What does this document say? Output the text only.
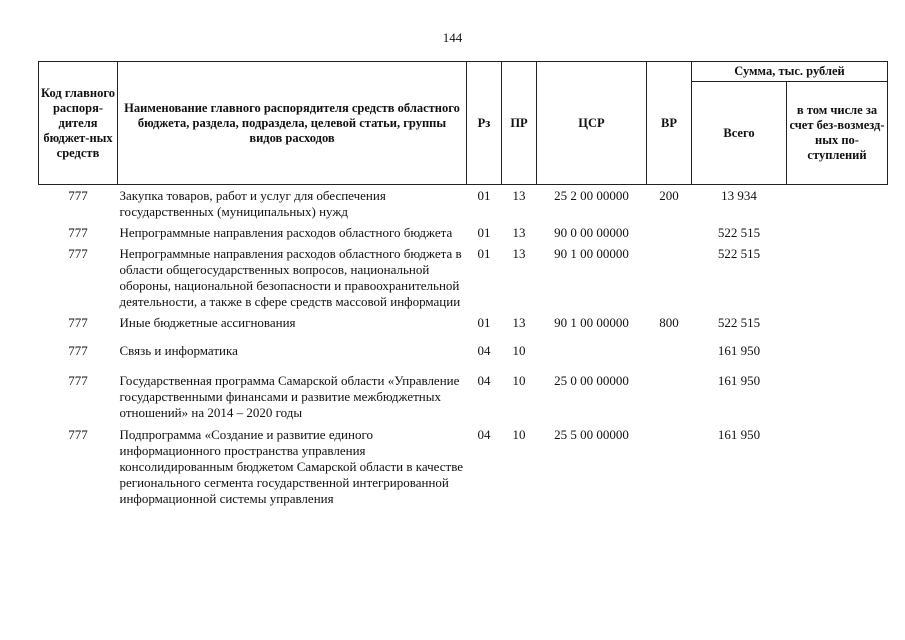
144
Код главного распоря-дителя бюджет-ных средств	Наименование главного распорядителя средств областного бюджета, раздела, подраздела, целевой статьи, группы видов расходов	Рз	ПР	ЦСР	ВР	Сумма, тыс. рублей	
						Всего	в том числе за счет без-возмезд-ных по-ступлений
777	Закупка товаров, работ и услуг для обеспечения государственных (муниципальных) нужд	01	13	25 2 00 00000	200	13 934	
777	Непрограммные направления расходов областного бюджета	01	13	90 0 00 00000		522 515	
777	Непрограммные направления расходов областного бюджета в области общегосударственных вопросов, национальной обороны, национальной безопасности и правоохранительной деятельности, а также в сфере средств массовой информации	01	13	90 1 00 00000		522 515	
777	Иные бюджетные ассигнования	01	13	90 1 00 00000	800	522 515	
777	Связь и информатика	04	10			161 950	
777	Государственная программа Самарской области «Управление государственными финансами и развитие межбюджетных отношений» на 2014 – 2020 годы	04	10	25 0 00 00000		161 950	
777	Подпрограмма «Создание и развитие единого информационного пространства управления консолидированным бюджетом Самарской области в качестве регионального сегмента государственной интегрированной информационной системы управления	04	10	25 5 00 00000		161 950	
